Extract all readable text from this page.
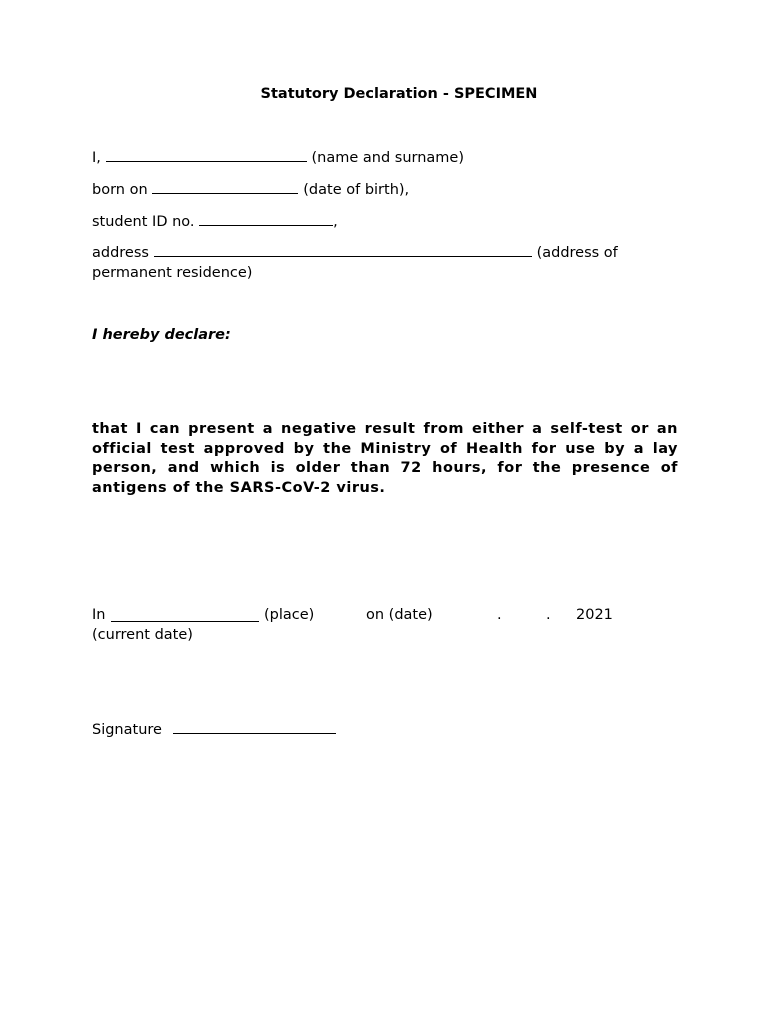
Statutory Declaration - SPECIMEN
I,	(name and surname)
born on	(date of birth),
student ID no.	,
address	(address of
permanent residence)
I hereby declare:
that I can present a negative result from either a self-test or an official test approved by the Ministry of Health for use by a lay person, and which is older than 72 hours, for the presence of antigens of the SARS-CoV-2 virus.
In	(place)	on (date)	.	. 2021
(current date)
Signature
